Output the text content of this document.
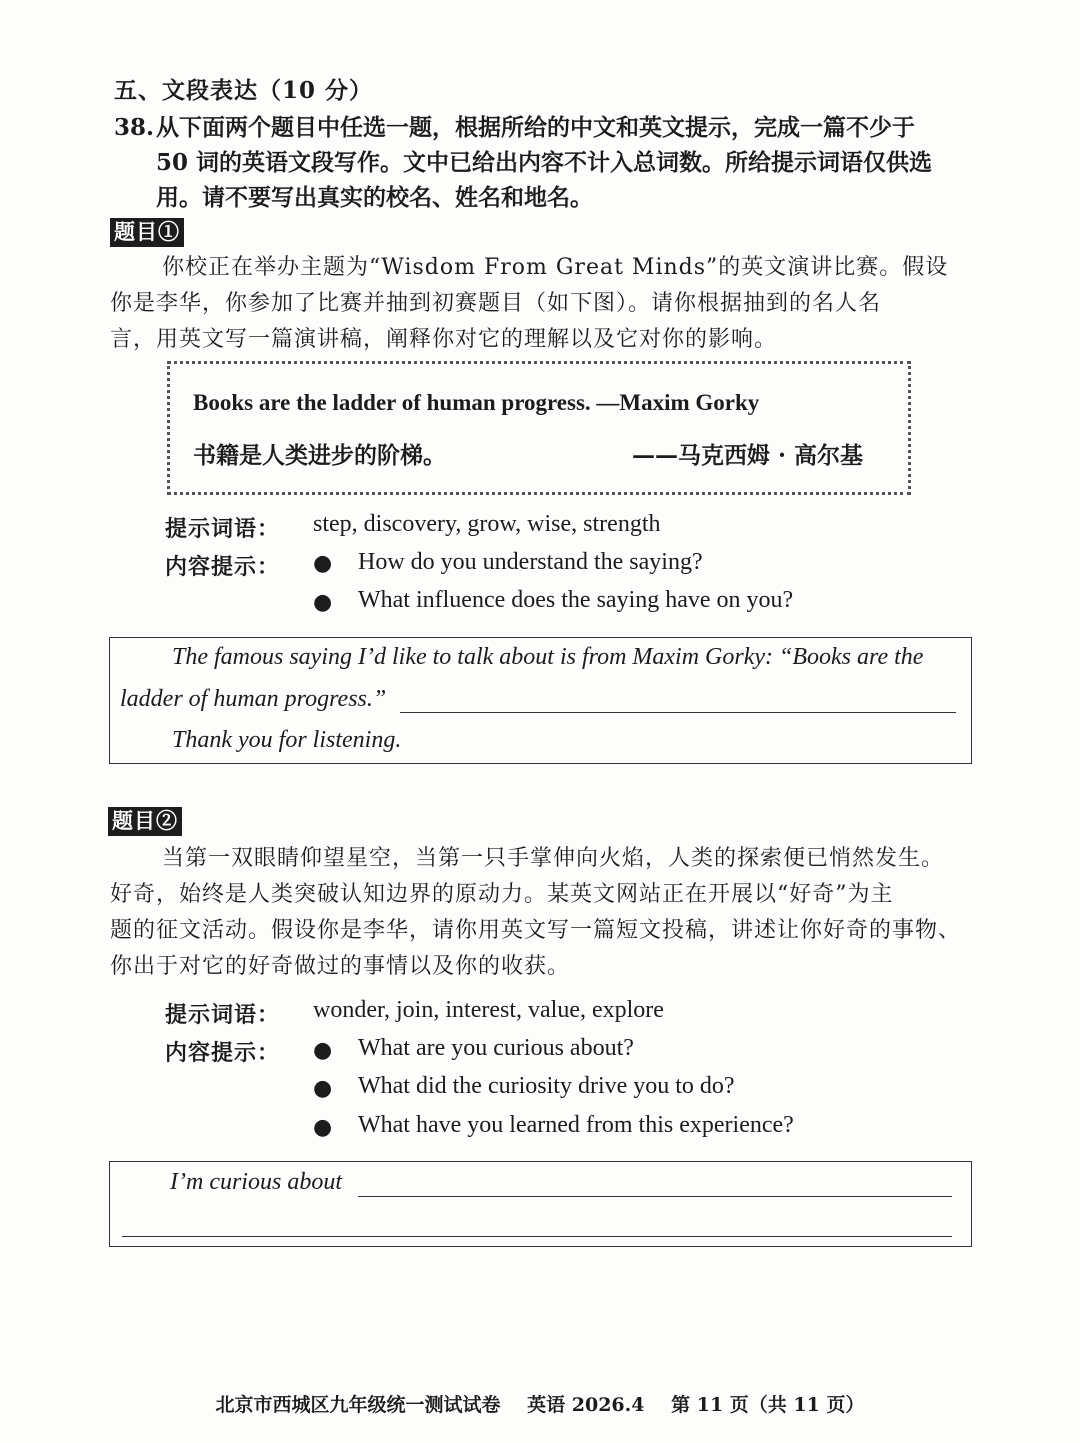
五、文段表达（10 分）
38.从下面两个题目中任选一题，根据所给的中文和英文提示，完成一篇不少于
50 词的英语文段写作。文中已给出内容不计入总词数。所给提示词语仅供选
用。请不要写出真实的校名、姓名和地名。
题目①
你校正在举办主题为“Wisdom From Great Minds”的英文演讲比赛。假设
你是李华，你参加了比赛并抽到初赛题目（如下图）。请你根据抽到的名人名
言，用英文写一篇演讲稿，阐释你对它的理解以及它对你的影响。
Books are the ladder of human progress. —Maxim Gorky
书籍是人类进步的阶梯。	——马克西姆 · 高尔基
提示词语： step, discovery, grow, wise, strength
内容提示： ● How do you understand the saying?
● What influence does the saying have on you?
The famous saying I’d like to talk about is from Maxim Gorky: “Books are the
ladder of human progress.”
Thank you for listening.
题目②
当第一双眼睛仰望星空，当第一只手掌伸向火焰，人类的探索便已悄然发生。
好奇，始终是人类突破认知边界的原动力。某英文网站正在开展以“好奇”为主
题的征文活动。假设你是李华，请你用英文写一篇短文投稿，讲述让你好奇的事物、
你出于对它的好奇做过的事情以及你的收获。
提示词语： wonder, join, interest, value, explore
内容提示： ● What are you curious about?
● What did the curiosity drive you to do?
● What have you learned from this experience?
I’m curious about
北京市西城区九年级统一测试试卷 英语 2026.4 第 11 页（共 11 页）
